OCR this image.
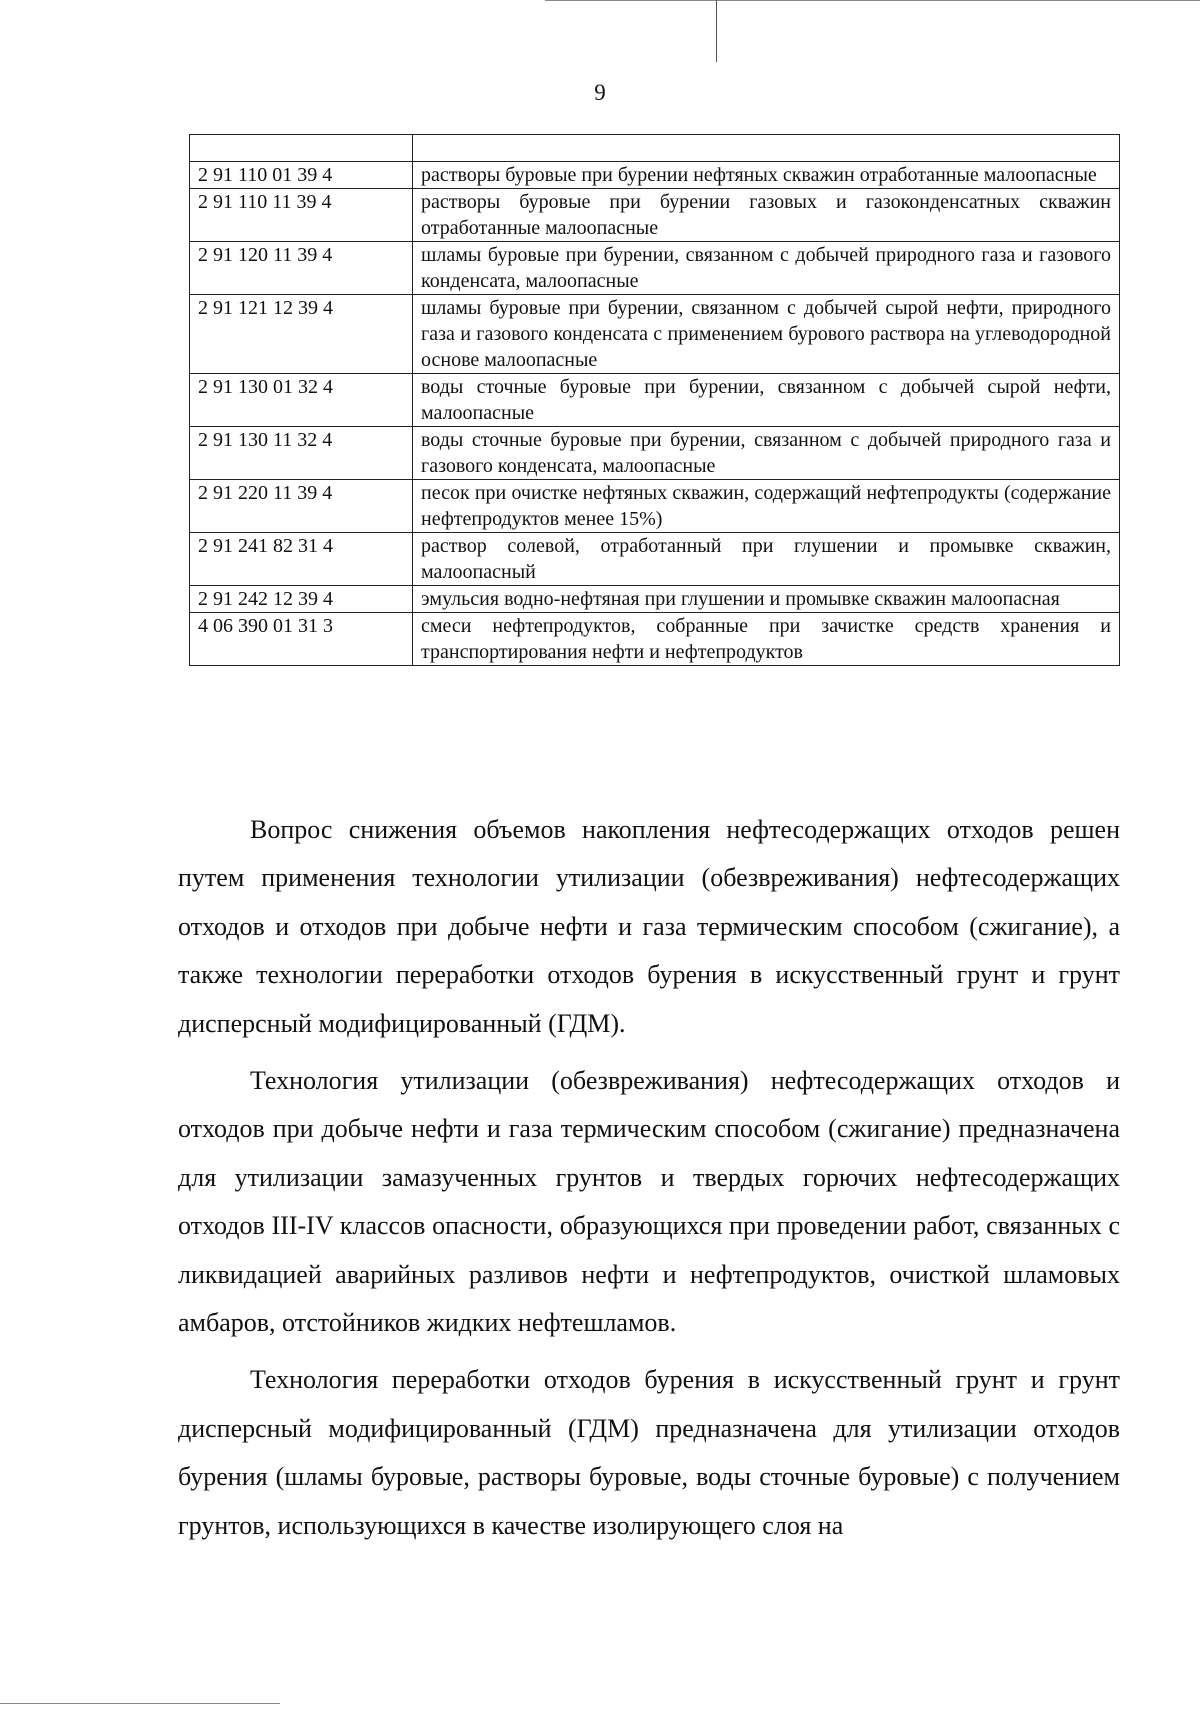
9

2 91 110 01 39 4	растворы буровые при бурении нефтяных скважин отработанные малоопасные
2 91 110 11 39 4	растворы буровые при бурении газовых и газоконденсатных скважин отработанные малоопасные
2 91 120 11 39 4	шламы буровые при бурении, связанном с добычей природного газа и газового конденсата, малоопасные
2 91 121 12 39 4	шламы буровые при бурении, связанном с добычей сырой нефти, природного газа и газового конденсата с применением бурового раствора на углеводородной основе малоопасные
2 91 130 01 32 4	воды сточные буровые при бурении, связанном с добычей сырой нефти, малоопасные
2 91 130 11 32 4	воды сточные буровые при бурении, связанном с добычей природного газа и газового конденсата, малоопасные
2 91 220 11 39 4	песок при очистке нефтяных скважин, содержащий нефтепродукты (содержание нефтепродуктов менее 15%)
2 91 241 82 31 4	раствор солевой, отработанный при глушении и промывке скважин, малоопасный
2 91 242 12 39 4	эмульсия водно-нефтяная при глушении и промывке скважин малоопасная
4 06 390 01 31 3	смеси нефтепродуктов, собранные при зачистке средств хранения и транспортирования нефти и нефтепродуктов

Вопрос снижения объемов накопления нефтесодержащих отходов решен путем применения технологии утилизации (обезвреживания) нефтесодержащих отходов и отходов при добыче нефти и газа термическим способом (сжигание), а также технологии переработки отходов бурения в искусственный грунт и грунт дисперсный модифицированный (ГДМ).

Технология утилизации (обезвреживания) нефтесодержащих отходов и отходов при добыче нефти и газа термическим способом (сжигание) предназначена для утилизации замазученных грунтов и твердых горючих нефтесодержащих отходов III-IV классов опасности, образующихся при проведении работ, связанных с ликвидацией аварийных разливов нефти и нефтепродуктов, очисткой шламовых амбаров, отстойников жидких нефтешламов.

Технология переработки отходов бурения в искусственный грунт и грунт дисперсный модифицированный (ГДМ) предназначена для утилизации отходов бурения (шламы буровые, растворы буровые, воды сточные буровые) с получением грунтов, использующихся в качестве изолирующего слоя на
